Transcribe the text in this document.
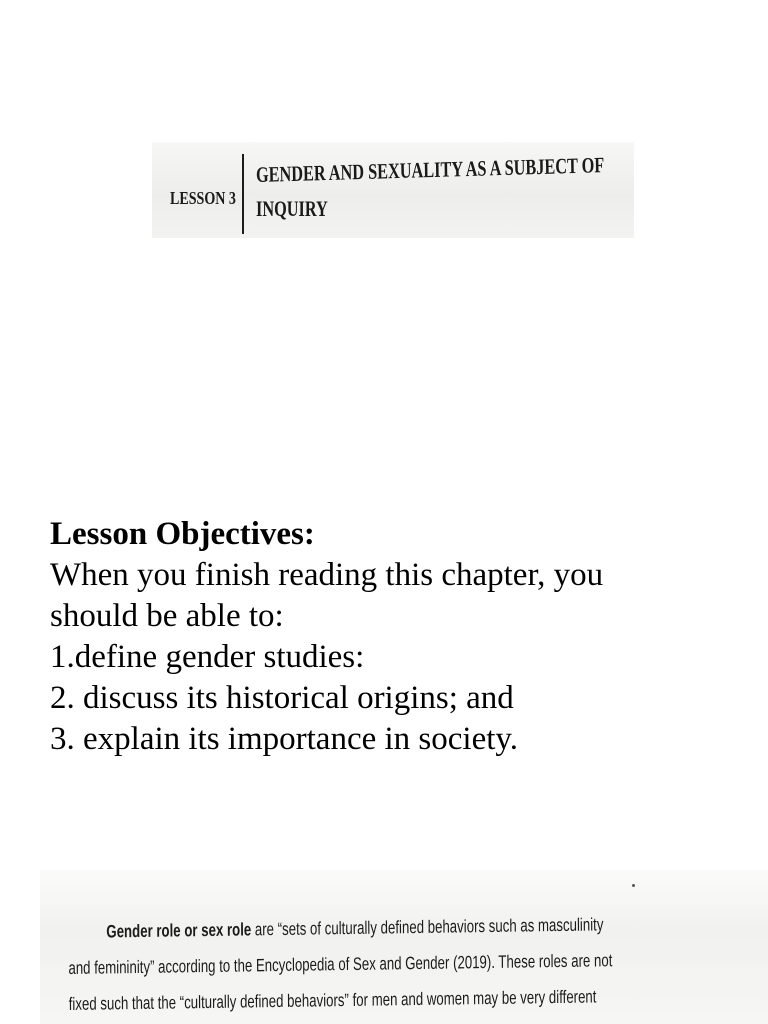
LESSON 3
GENDER AND SEXUALITY AS A SUBJECT OF
INQUIRY
Lesson Objectives:
When you finish reading this chapter, you
should be able to:
1.define gender studies:
2. discuss its historical origins; and
3. explain its importance in society.
Gender role or sex role are “sets of culturally defined behaviors such as masculinity
and femininity” according to the Encyclopedia of Sex and Gender (2019). These roles are not
fixed such that the “culturally defined behaviors” for men and women may be very different
